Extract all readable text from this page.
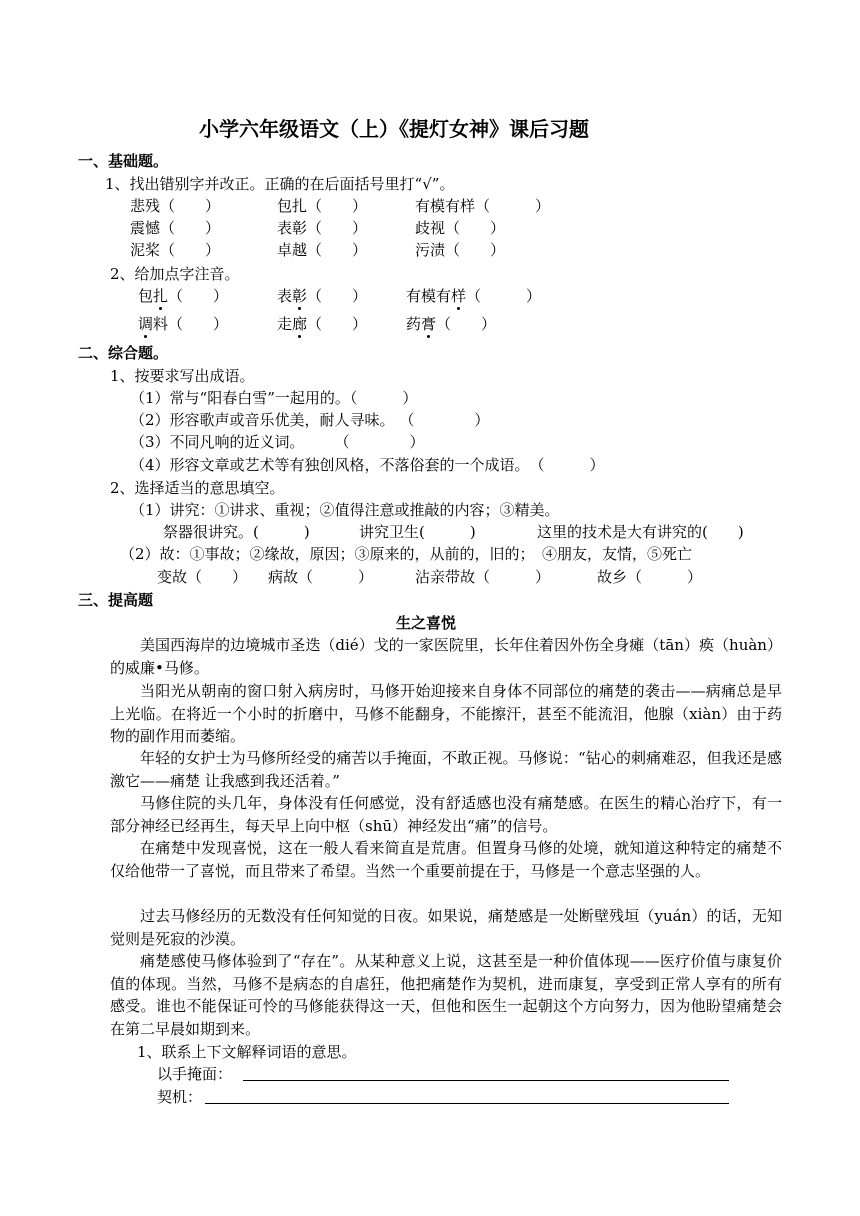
小学六年级语文（上）《提灯女神》课后习题
一、基础题。
1、找出错别字并改正。正确的在后面括号里打“√”。
悲残（　　）	包扎（　　）	有模有样（　　　）
震憾（　　）	表彰（　　）	歧视（　　）
泥桨（　　）	卓越（　　）	污渍（　　）
2、给加点字注音。
包扎（　　）	表彰（　　）	有模有样（　　　）
调料（　　）	走廊（　　）	药膏（　　）
二、综合题。
1、按要求写出成语。
（1）常与“阳春白雪”一起用的。（　　　）
（2）形容歌声或音乐优美，耐人寻味。 （　　　　）
（3）不同凡响的近义词。　　　（　　　　）
（4）形容文章或艺术等有独创风格，不落俗套的一个成语。　（　　　）
2、选择适当的意思填空。
（1）讲究：①讲求、重视；②值得注意或推敲的内容；③精美。
祭器很讲究。(　　　)	讲究卫生(　　　)	这里的技术是大有讲究的(　　)
（2）故：①事故；②缘故，原因；③原来的，从前的，旧的；　④朋友，友情，⑤死亡
变故（　　） 病故（　　　）	沾亲带故（　　　）	故乡（　　　）
三、提高题
生之喜悦
美国西海岸的边境城市圣迭（dié）戈的一家医院里，长年住着因外伤全身瘫（tān）痪（huàn）的威廉•马修。
当阳光从朝南的窗口射入病房时，马修开始迎接来自身体不同部位的痛楚的袭击——病痛总是早上光临。在将近一个小时的折磨中，马修不能翻身，不能擦汗，甚至不能流泪，他腺（xiàn）由于药物的副作用而萎缩。
年轻的女护士为马修所经受的痛苦以手掩面，不敢正视。马修说：“钻心的刺痛难忍，但我还是感激它——痛楚 让我感到我还活着。”
马修住院的头几年，身体没有任何感觉，没有舒适感也没有痛楚感。在医生的精心治疗下，有一部分神经已经再生，每天早上向中枢（shū）神经发出“痛”的信号。
在痛楚中发现喜悦，这在一般人看来简直是荒唐。但置身马修的处境，就知道这种特定的痛楚不仅给他带一了喜悦，而且带来了希望。当然一个重要前提在于，马修是一个意志坚强的人。
过去马修经历的无数没有任何知觉的日夜。如果说，痛楚感是一处断壁残垣（yuán）的话，无知觉则是死寂的沙漠。
痛楚感使马修体验到了“存在”。从某种意义上说，这甚至是一种价值体现——医疗价值与康复价值的体现。当然，马修不是病态的自虐狂，他把痛楚作为契机，进而康复，享受到正常人享有的所有感受。谁也不能保证可怜的马修能获得这一天，但他和医生一起朝这个方向努力，因为他盼望痛楚会在第二早晨如期到来。
1、联系上下文解释词语的意思。
以手掩面：
契机：
